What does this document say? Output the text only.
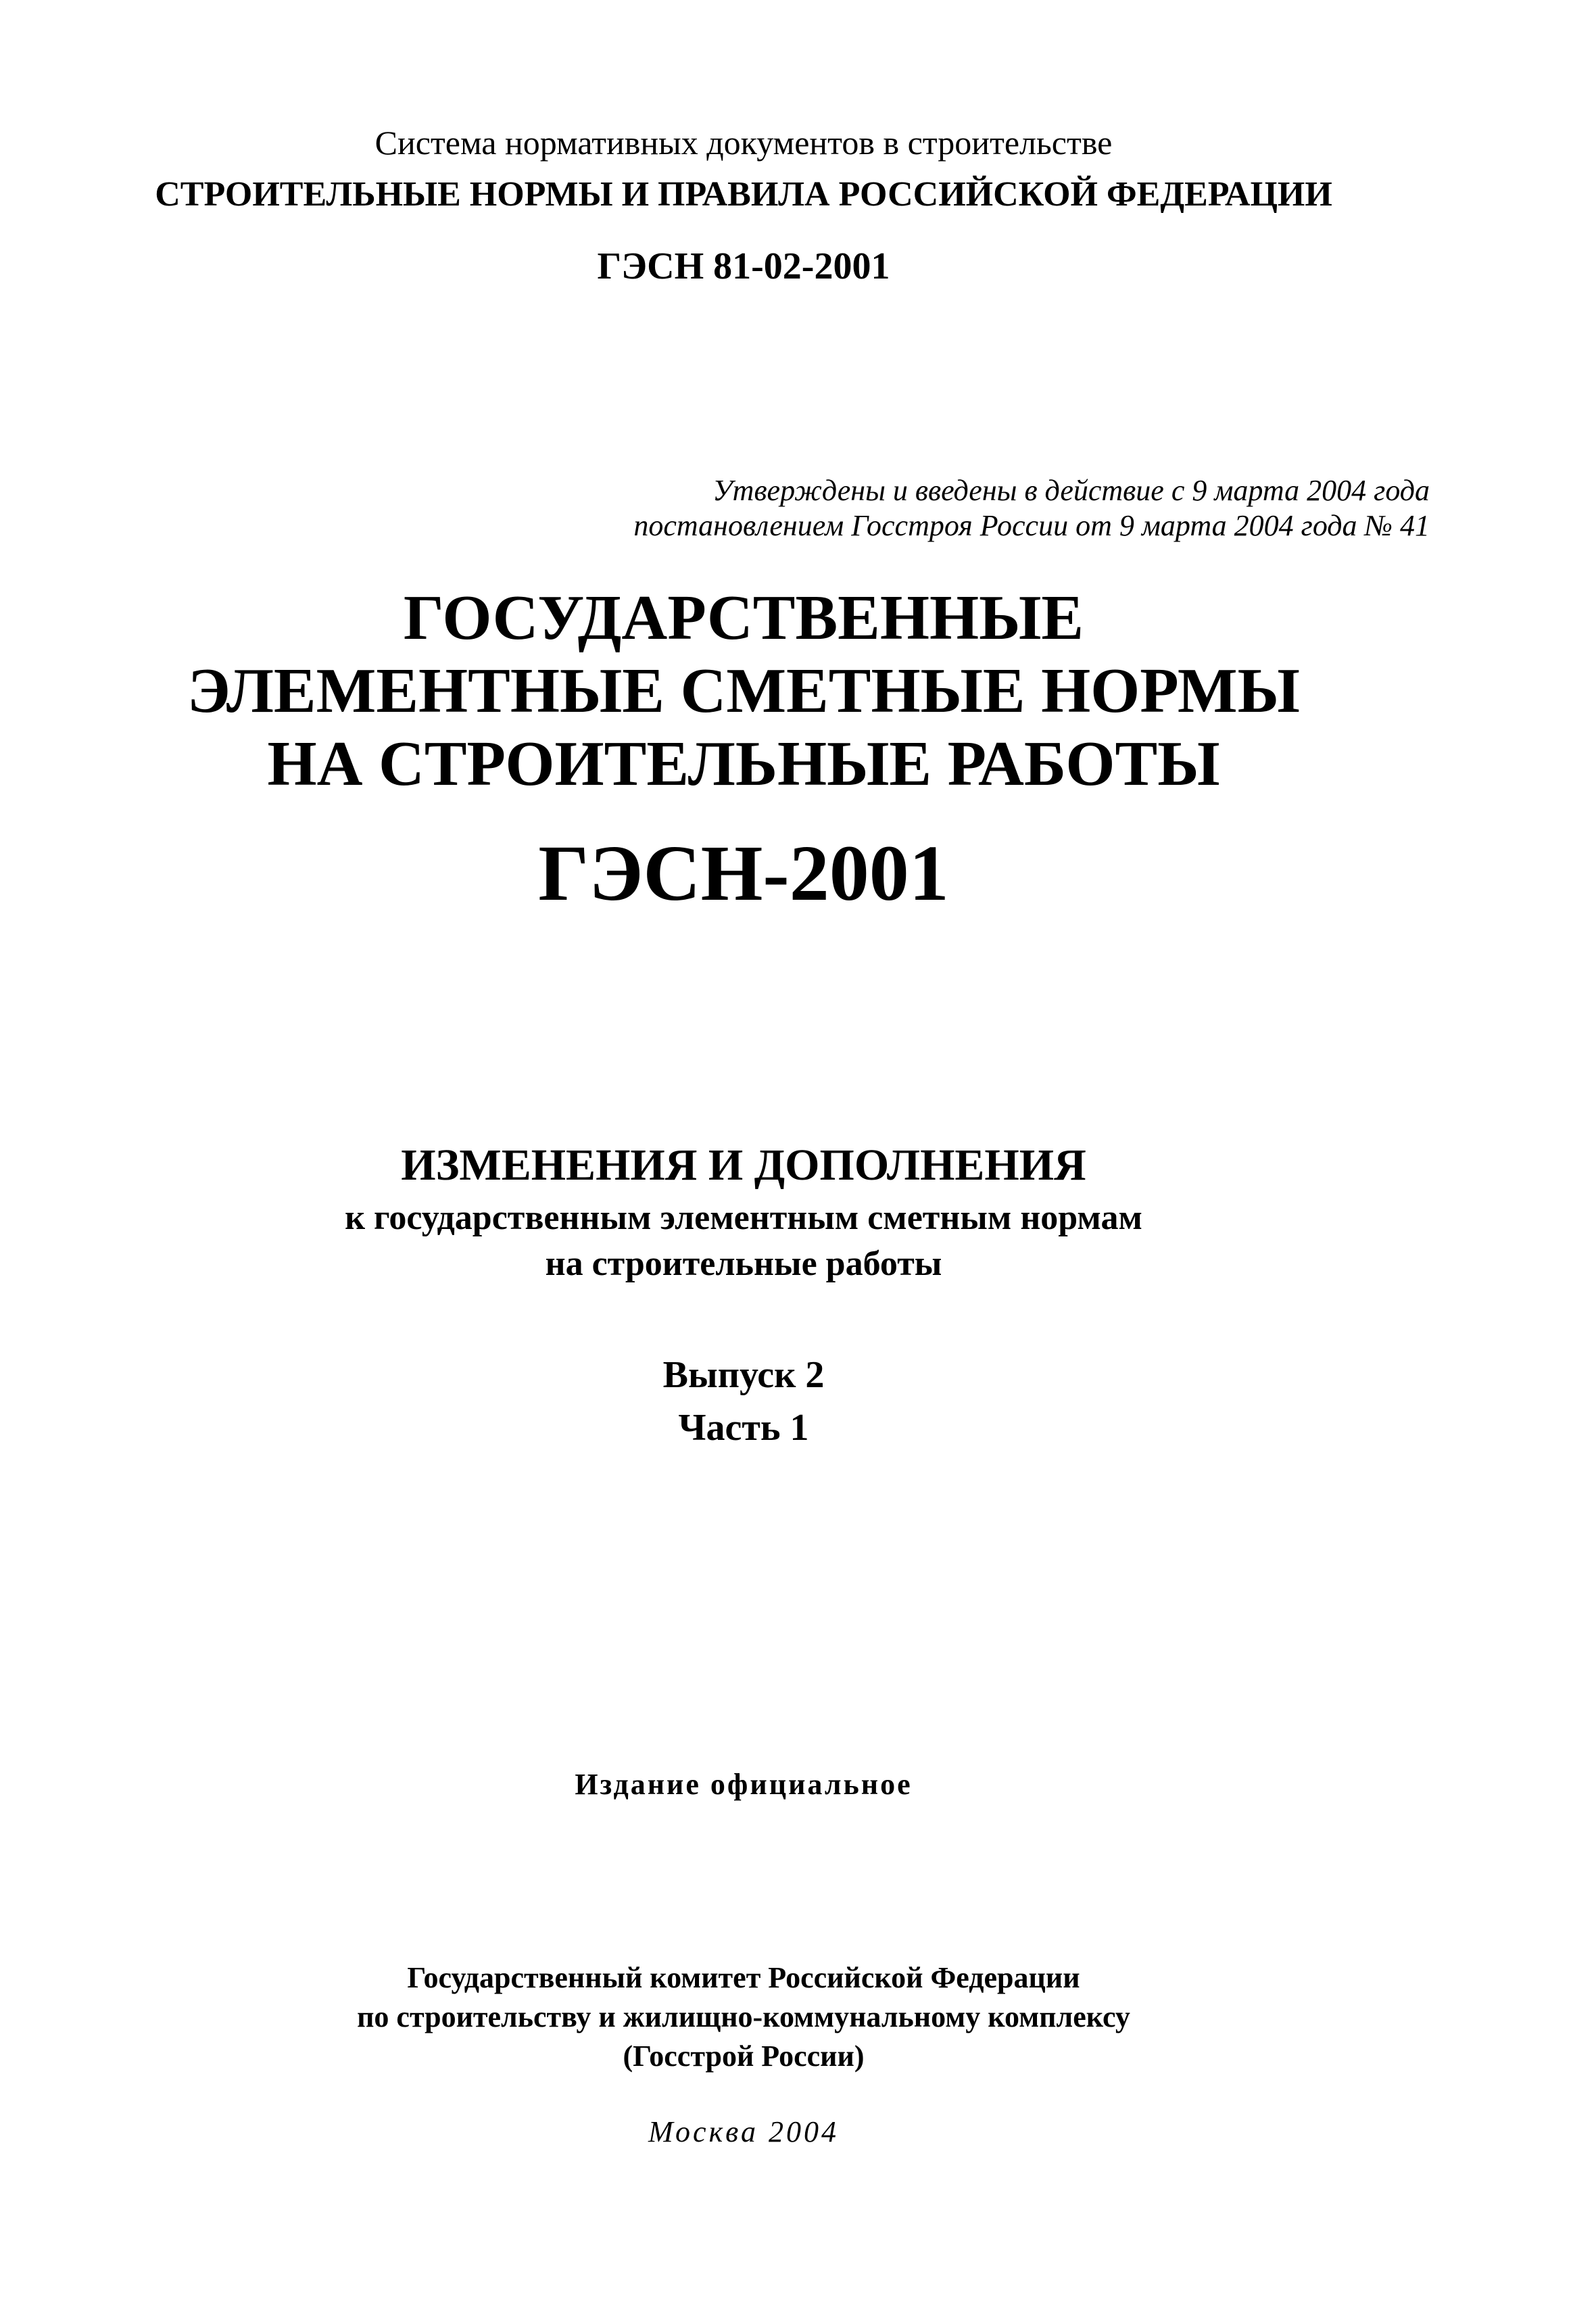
Система нормативных документов в строительстве
СТРОИТЕЛЬНЫЕ НОРМЫ И ПРАВИЛА РОССИЙСКОЙ ФЕДЕРАЦИИ
ГЭСН 81-02-2001
Утверждены и введены в действие с 9 марта 2004 года
постановлением Госстроя России от 9 марта 2004 года № 41
ГОСУДАРСТВЕННЫЕ
ЭЛЕМЕНТНЫЕ СМЕТНЫЕ НОРМЫ
НА СТРОИТЕЛЬНЫЕ РАБОТЫ
ГЭСН-2001
ИЗМЕНЕНИЯ И ДОПОЛНЕНИЯ
к государственным элементным сметным нормам
на строительные работы
Выпуск 2
Часть 1
Издание официальное
Государственный комитет Российской Федерации
по строительству и жилищно-коммунальному комплексу
(Госстрой России)
Москва 2004
